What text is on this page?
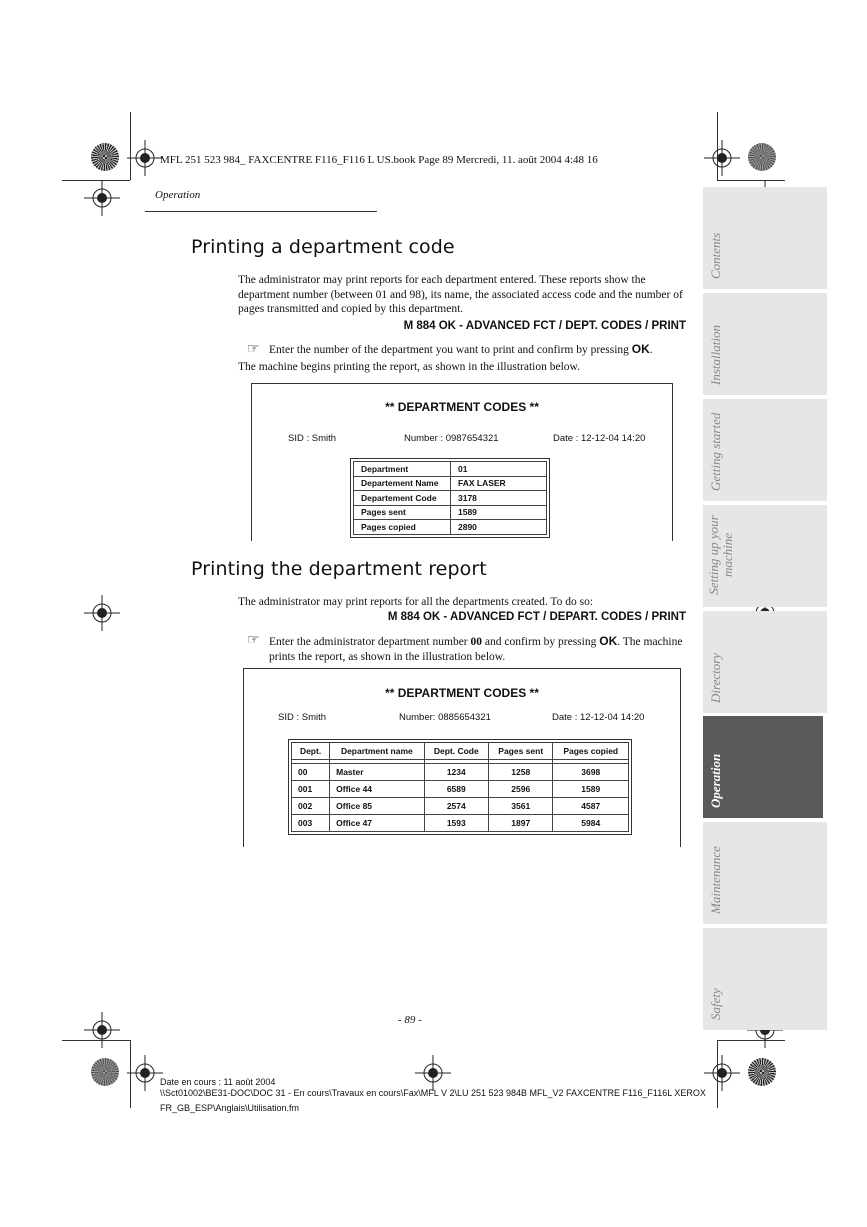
MFL 251 523 984_ FAXCENTRE F116_F116 L US.book Page 89 Mercredi, 11. août 2004 4:48 16
Operation
Printing a department code
The administrator may print reports for each department entered. These reports show the department number (between 01 and 98), its name, the associated access code and the number of pages transmitted and copied by this department.
M 884 OK - ADVANCED FCT / DEPT. CODES / PRINT
☞ Enter the number of the department you want to print and confirm by pressing OK.
The machine begins printing the report, as shown in the illustration below.
** DEPARTMENT CODES **
SID : Smith	Number : 0987654321	Date : 12-12-04 14:20
Department	01
Departement Name	FAX LASER
Departement Code	3178
Pages sent	1589
Pages copied	2890
Printing the department report
The administrator may print reports for all the departments created. To do so:
M 884 OK - ADVANCED FCT / DEPART. CODES / PRINT
☞ Enter the administrator department number 00 and confirm by pressing OK. The machine prints the report, as shown in the illustration below.
** DEPARTMENT CODES **
SID : Smith	Number: 0885654321	Date : 12-12-04 14:20
Dept.	Department name	Dept. Code	Pages sent	Pages copied

00	Master	1234	1258	3698
001	Office 44	6589	2596	1589
002	Office 85	2574	3561	4587
003	Office 47	1593	1897	5984
Contents
Installation
Getting started
Setting up your machine
Directory
Operation
Maintenance
Safety
- 89 -
Date en cours : 11 août 2004
\\Sct01002\BE31-DOC\DOC 31 - En cours\Travaux en cours\Fax\MFL V 2\LU 251 523 984B MFL_V2 FAXCENTRE F116_F116L XEROX
FR_GB_ESP\Anglais\Utilisation.fm
